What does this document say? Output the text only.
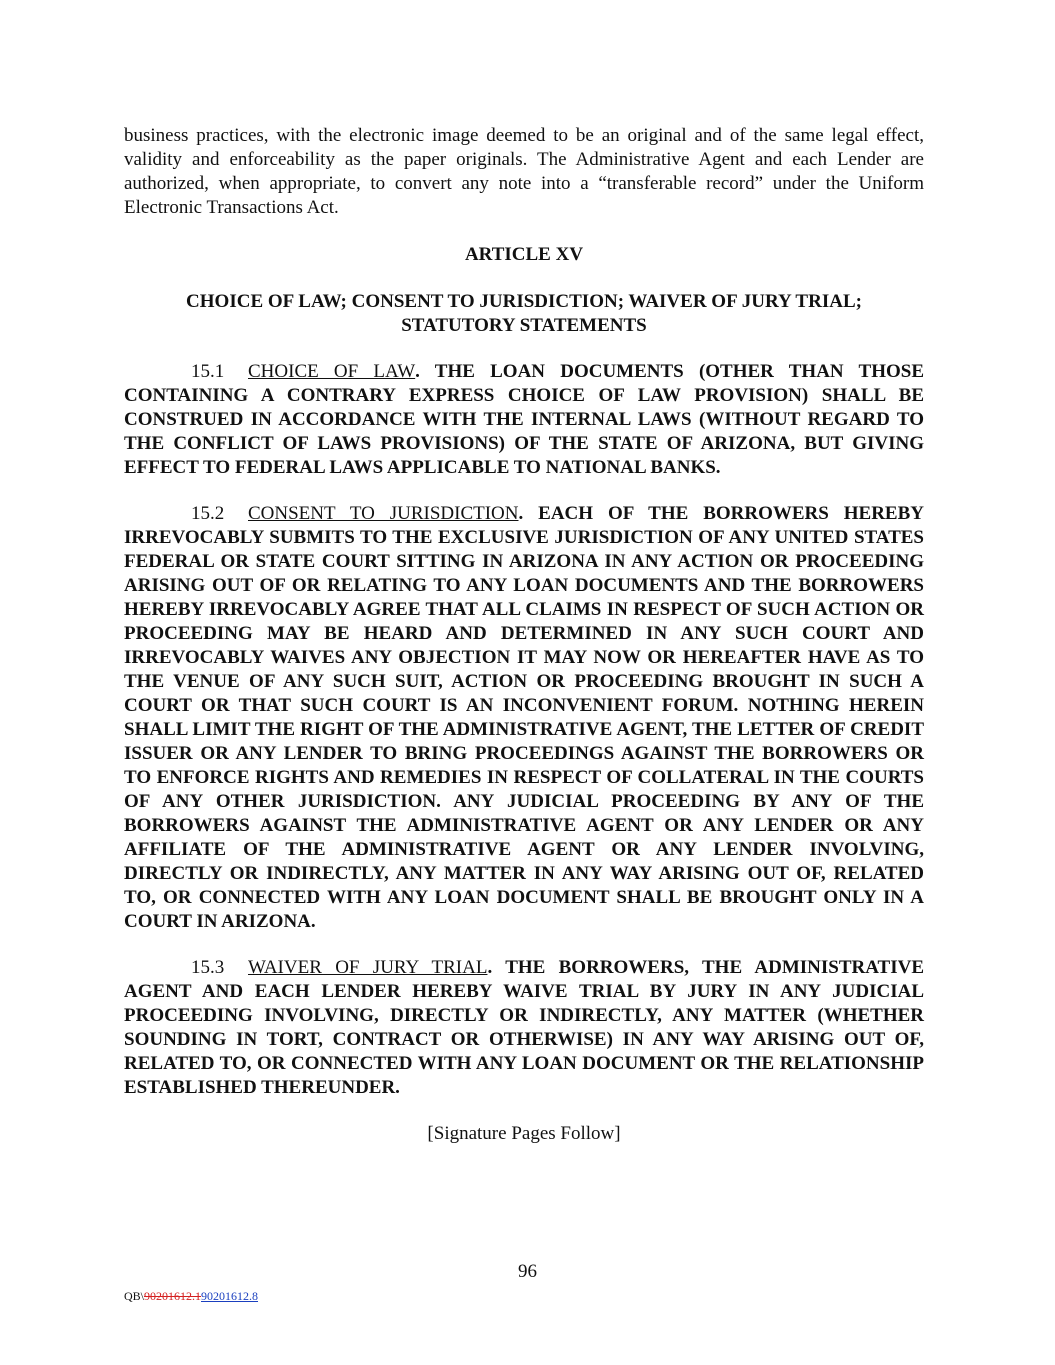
business practices, with the electronic image deemed to be an original and of the same legal effect, validity and enforceability as the paper originals. The Administrative Agent and each Lender are authorized, when appropriate, to convert any note into a “transferable record” under the Uniform Electronic Transactions Act.

ARTICLE XV

CHOICE OF LAW; CONSENT TO JURISDICTION; WAIVER OF JURY TRIAL;

STATUTORY STATEMENTS

15.1 CHOICE OF LAW. THE LOAN DOCUMENTS (OTHER THAN THOSE CONTAINING A CONTRARY EXPRESS CHOICE OF LAW PROVISION) SHALL BE CONSTRUED IN ACCORDANCE WITH THE INTERNAL LAWS (WITHOUT REGARD TO THE CONFLICT OF LAWS PROVISIONS) OF THE STATE OF ARIZONA, BUT GIVING EFFECT TO FEDERAL LAWS APPLICABLE TO NATIONAL BANKS.

15.2 CONSENT TO JURISDICTION. EACH OF THE BORROWERS HEREBY IRREVOCABLY SUBMITS TO THE EXCLUSIVE JURISDICTION OF ANY UNITED STATES FEDERAL OR STATE COURT SITTING IN ARIZONA IN ANY ACTION OR PROCEEDING ARISING OUT OF OR RELATING TO ANY LOAN DOCUMENTS AND THE BORROWERS HEREBY IRREVOCABLY AGREE THAT ALL CLAIMS IN RESPECT OF SUCH ACTION OR PROCEEDING MAY BE HEARD AND DETERMINED IN ANY SUCH COURT AND IRREVOCABLY WAIVES ANY OBJECTION IT MAY NOW OR HEREAFTER HAVE AS TO THE VENUE OF ANY SUCH SUIT, ACTION OR PROCEEDING BROUGHT IN SUCH A COURT OR THAT SUCH COURT IS AN INCONVENIENT FORUM. NOTHING HEREIN SHALL LIMIT THE RIGHT OF THE ADMINISTRATIVE AGENT, THE LETTER OF CREDIT ISSUER OR ANY LENDER TO BRING PROCEEDINGS AGAINST THE BORROWERS OR TO ENFORCE RIGHTS AND REMEDIES IN RESPECT OF COLLATERAL IN THE COURTS OF ANY OTHER JURISDICTION. ANY JUDICIAL PROCEEDING BY ANY OF THE BORROWERS AGAINST THE ADMINISTRATIVE AGENT OR ANY LENDER OR ANY AFFILIATE OF THE ADMINISTRATIVE AGENT OR ANY LENDER INVOLVING, DIRECTLY OR INDIRECTLY, ANY MATTER IN ANY WAY ARISING OUT OF, RELATED TO, OR CONNECTED WITH ANY LOAN DOCUMENT SHALL BE BROUGHT ONLY IN A COURT IN ARIZONA.

15.3 WAIVER OF JURY TRIAL. THE BORROWERS, THE ADMINISTRATIVE AGENT AND EACH LENDER HEREBY WAIVE TRIAL BY JURY IN ANY JUDICIAL PROCEEDING INVOLVING, DIRECTLY OR INDIRECTLY, ANY MATTER (WHETHER SOUNDING IN TORT, CONTRACT OR OTHERWISE) IN ANY WAY ARISING OUT OF, RELATED TO, OR CONNECTED WITH ANY LOAN DOCUMENT OR THE RELATIONSHIP ESTABLISHED THEREUNDER.

[Signature Pages Follow]

96
QB\90201612.190201612.8
